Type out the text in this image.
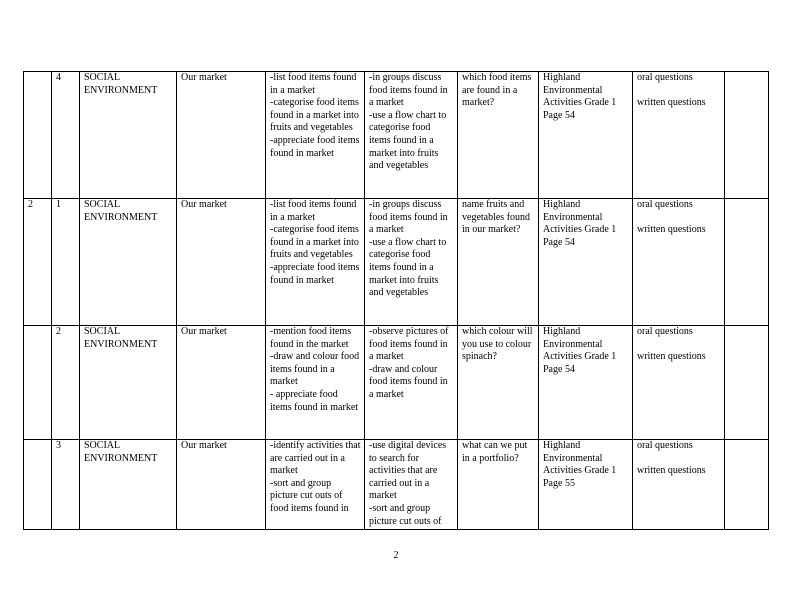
	4	SOCIAL ENVIRONMENT	Our market	-list food items found in a market
-categorise food items found in a market into fruits and vegetables
-appreciate food items found in market	-in groups discuss food items found in a market
-use a flow chart to categorise food items found in a market into fruits and vegetables	which food items are found in a market?	Highland Environmental Activities Grade 1 Page 54	oral questions
written questions	

2	1	SOCIAL ENVIRONMENT	Our market	-list food items found in a market
-categorise food items found in a market into fruits and vegetables
-appreciate food items found in market	-in groups discuss food items found in a market
-use a flow chart to categorise food items found in a market into fruits and vegetables	name fruits and vegetables found in our market?	Highland Environmental Activities Grade 1 Page 54	oral questions
written questions	

	2	SOCIAL ENVIRONMENT	Our market	-mention food items found in the market
-draw and colour food items found in a market
- appreciate food items found in market	-observe pictures of food items found in a market
-draw and colour food items found in a market	which colour will you use to colour spinach?	Highland Environmental Activities Grade 1 Page 54	oral questions
written questions	

	3	SOCIAL ENVIRONMENT	Our market	-identify activities that are carried out in a market
-sort and group picture cut outs of food items found in	-use digital devices to search for activities that are carried out in a market
-sort and group picture cut outs of	what can we put in a portfolio?	Highland Environmental Activities Grade 1 Page 55	oral questions
written questions	

2
